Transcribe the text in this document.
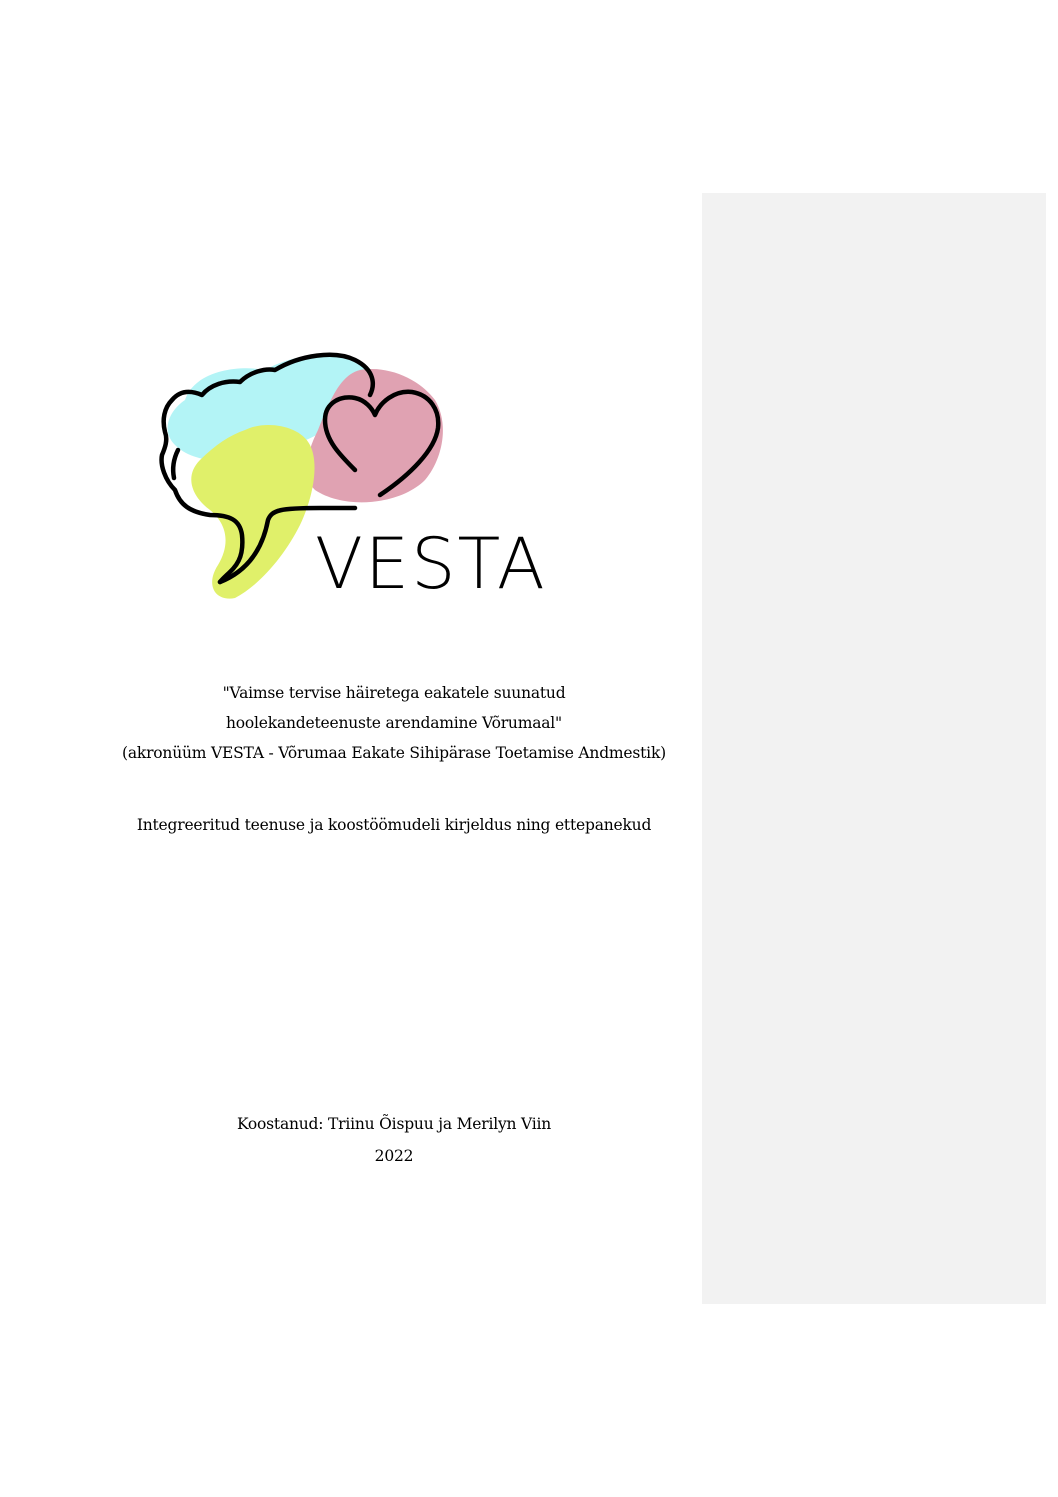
VESTA
"Vaimse tervise häiretega eakatele suunatud
hoolekandeteenuste arendamine Võrumaal"
(akronüüm VESTA - Võrumaa Eakate Sihipärase Toetamise Andmestik)
Integreeritud teenuse ja koostöömudeli kirjeldus ning ettepanekud
Koostanud: Triinu Õispuu ja Merilyn Viin
2022
